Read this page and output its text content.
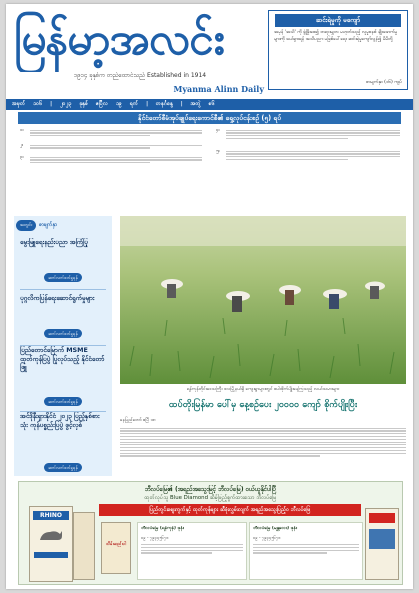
မြန်မာ့အလင်း
၁၉၁၄ ခုနှစ်က တည်ထောင်သည် Established in 1914
Myanma Alinn Daily
ဆင်းရဲမှုကို မကျော်
အမုန် 'အသိ' ကို ဖွံ့ဖြိုးစေ၍ တရားမျှတ မဟုတ်သည့် လူမှုစနစ် ချိုးဖောက်မှုများကို ဖယ်ရှားရန် အသိပညာ မဖြစ်ပေါ်ရေး ဆင်းရဲမှုကျော်လွန်၍ မိမိတို့
စာမျက်နှာ (၁၆) ကျပ်
အမှတ် ၁၀၆ | ၂၀၂၃ ခုနှစ် ဧပြီလ ၁၉ ရက် | တနင်္ဂနွေ | အတွဲ ၈၆
နိုင်ငံတော်စီမံအုပ်ချုပ်ရေးကောင်စီ၏ ရှေ့လုပ်ငန်းစဉ် (၅) ရပ်
၁။
၂။
၃။
၄။
၅။
အတွင်း	စာမျက်နှာ
မွေးမြူရေးနည်းပညာ အကြံပြု
ဆက်လက်ဖတ်ရှုရန်
ပုဂ္ဂလိကပြန်ရေးဆောင်ရွက်မှုများ
ဆက်လက်ဖတ်ရှုရန်
ပြည်တောင်မြောက် MSME ထုတ်ကုန်ပြပွဲ ပြုလုပ်သည့် နိုင်ငံတော်ဖြူ
ဆက်လက်ဖတ်ရှုရန်
အင်ဒိုနီးရှားနိုင်ငံ ၂၀၂၃ ပြည့်နှစ်စားသုံး ကုန်ပစ္စည်းပြပွဲ ဖွင့်လှစ်
ဆက်လက်ဖတ်ရှုရန်
ရန်ကုန်တိုင်းဒေသကြီး ဒလမြို့နယ်ရှိ ကျေးရွာများတွင် စပါးစိုက်ပျိုးနေကြသည့် လယ်သမားများ
ထပ်တိုးမြန်မာ ပေါ်မှ နေ့စဉ်ပေး ၂၀၀၀၀ ကျော် စိုက်ပျိုးပြီး
နေပြည်တော် ဧပြီ ၁၈
ဘီလပ်မြေ၏ (အရည်အသွေးမြင့် ဘီလပ်မြေ) ဝယ်ယူနိုင်ပါပြီ
ထုတ်လုပ်သူ Blue Diamond ဆိမ့်ဖြည့်စွက်ထားသော ဘီလပ်မြေ
RHINO
ပြည်တွင်းဈေးကွက်နှင့် ထုတ်ကုန်များ ဆီဖုံးလွှမ်းလျက် အရည်အသွေးပြည့်ဝ ဘီလပ်မြေ
သိမ်းဆည်းပါ
ဘီလပ်မြေ (ရန်ကုန်) ဖုန်း
၀၉ - ၇၉၃၄၅၆၇၈
ဘီလပ်မြေ (မန္တလေး) ဖုန်း
၀၉ - ၇၉၃၄၅၆၇၈
